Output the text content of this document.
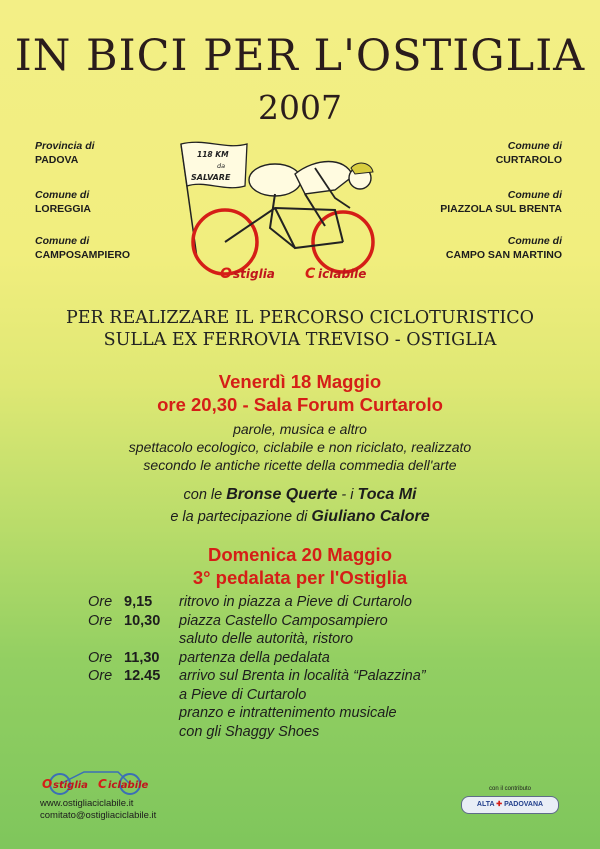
IN BICI PER L'OSTIGLIA
2007
Provincia di
PADOVA
Comune di
LOREGGIA
Comune di
CAMPOSAMPIERO
Comune di
CURTAROLO
Comune di
PIAZZOLA SUL BRENTA
Comune di
CAMPO SAN MARTINO
118 KM
da
SALVARE
O stiglia C iclabile
PER REALIZZARE IL PERCORSO CICLOTURISTICO
SULLA EX FERROVIA TREVISO - OSTIGLIA
Venerdì 18 Maggio
ore 20,30 - Sala Forum Curtarolo
parole, musica e altro
spettacolo ecologico, ciclabile e non riciclato, realizzato
secondo le antiche ricette della commedia dell'arte
con le Bronse Querte - i Toca Mi
e la partecipazione di Giuliano Calore
Domenica 20 Maggio
3° pedalata per l'Ostiglia
Ore 9,15	ritrovo in piazza a Pieve di Curtarolo
Ore 10,30	piazza Castello Camposampiero
saluto delle autorità, ristoro
Ore 11,30	partenza della pedalata
Ore 12.45	arrivo sul Brenta in località “Palazzina”
a Pieve di Curtarolo
pranzo e intrattenimento musicale
con gli Shaggy Shoes
O stiglia C iclabile
www.ostigliaciclabile.it
comitato@ostigliaciclabile.it
con il contributo
ALTA ✚ PADOVANA
